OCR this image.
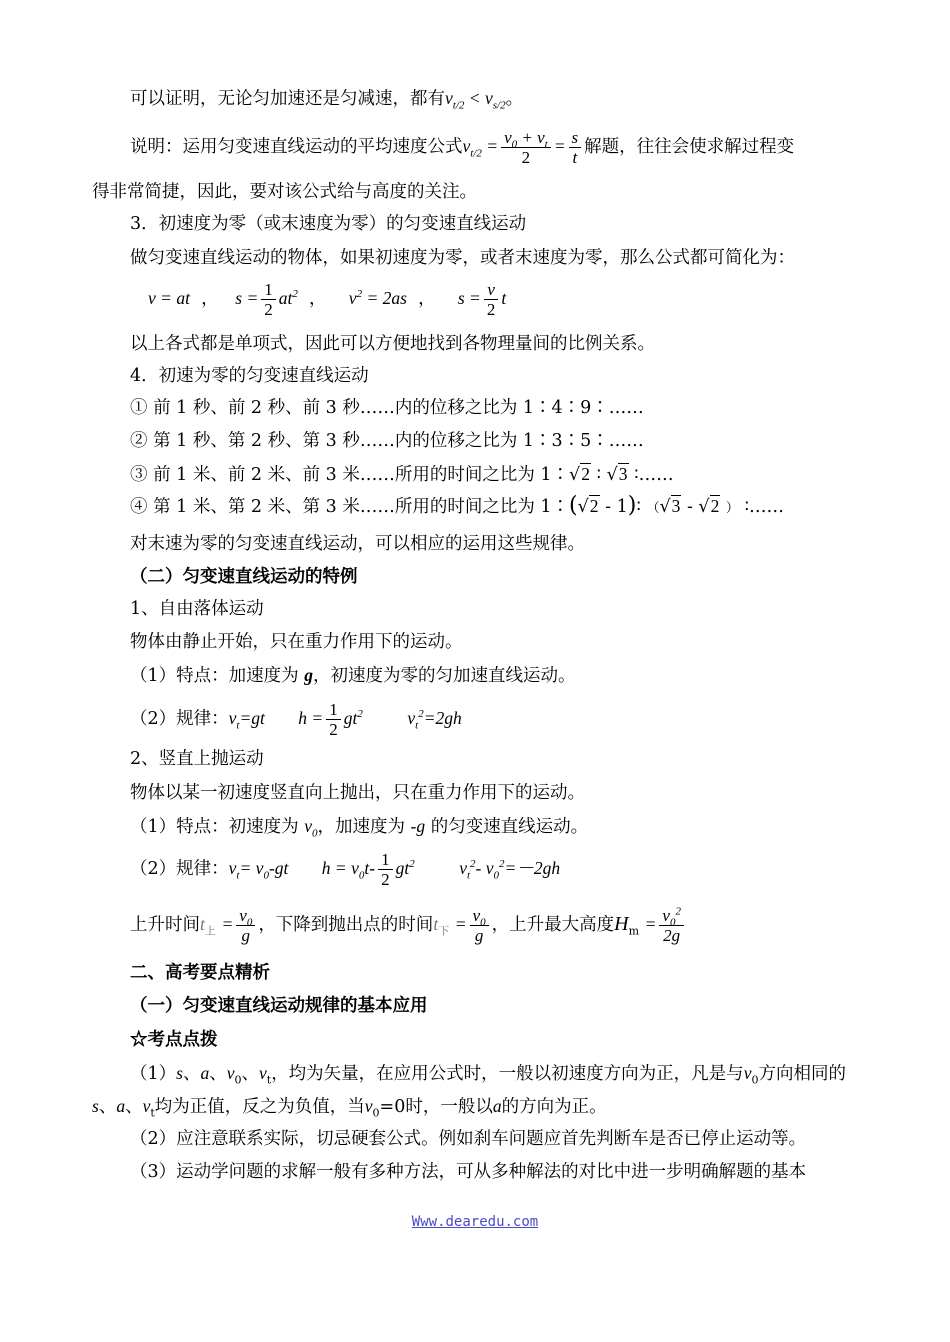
可以证明，无论匀加速还是匀减速，都有$v_{t/2} < v_{s/2}$。
说明：运用匀变速直线运动的平均速度公式$v_{t/2} = \frac{v_0 + v_t}{2} = \frac{s}{t}$ 解题，往往会使求解过程变
得非常简捷，因此，要对该公式给与高度的关注。
3．初速度为零（或末速度为零）的匀变速直线运动
做匀变速直线运动的物体，如果初速度为零，或者末速度为零，那么公式都可简化为：
v = at  ，   $s = \frac{1}{2} at^2$  ，    $v^2 = 2as$  ，    $s = \frac{v}{2}$ t
以上各式都是单项式，因此可以方便地找到各物理量间的比例关系。
4．初速为零的匀变速直线运动
① 前 1 秒、前 2 秒、前 3 秒……内的位移之比为 1∶4∶9∶……
② 第 1 秒、第 2 秒、第 3 秒……内的位移之比为 1∶3∶5∶……
③ 前 1 米、前 2 米、前 3 米……所用的时间之比为 1∶√2 ∶ √3 ∶……
④ 第 1 米、第 2 米、第 3 米……所用的时间之比为 1∶(√2 - 1)∶ （√3 - √2 ） ∶……
对末速为零的匀变速直线运动，可以相应的运用这些规律。
（二）匀变速直线运动的特例
1、自由落体运动
物体由静止开始，只在重力作用下的运动。
（1）特点：加速度为 g，初速度为零的匀加速直线运动。
（2）规律：$v_t=gt$ $h = \frac{1}{2} gt^2$	$v_t^2=2gh$
2、竖直上抛运动
物体以某一初速度竖直向上抛出，只在重力作用下的运动。
（1）特点：初速度为 $v_0$，加速度为 -g 的匀变速直线运动。
（2）规律：$v_t= v_0-gt$ $h = v_0t- \frac{1}{2} gt^2$	$v_t^2-$ $v_0^2=-2gh$
上升时间$t_上 = \frac{v_0}{g}$ ，下降到抛出点的时间$t_下 = \frac{v_0}{g}$ ，上升最大高度$H_m = \frac{v_0^2}{2g}$
二、高考要点精析
（一）匀变速直线运动规律的基本应用
☆考点点拨
（1）s、a、$v_0$、$v_t$，均为矢量，在应用公式时，一般以初速度方向为正，凡是与$v_0$方向相同的
s、a、$v_t$均为正值，反之为负值，当$v_0=0$时，一般以a的方向为正。
（2）应注意联系实际，切忌硬套公式。例如刹车问题应首先判断车是否已停止运动等。
（3）运动学问题的求解一般有多种方法，可从多种解法的对比中进一步明确解题的基本
Www.dearedu.com
